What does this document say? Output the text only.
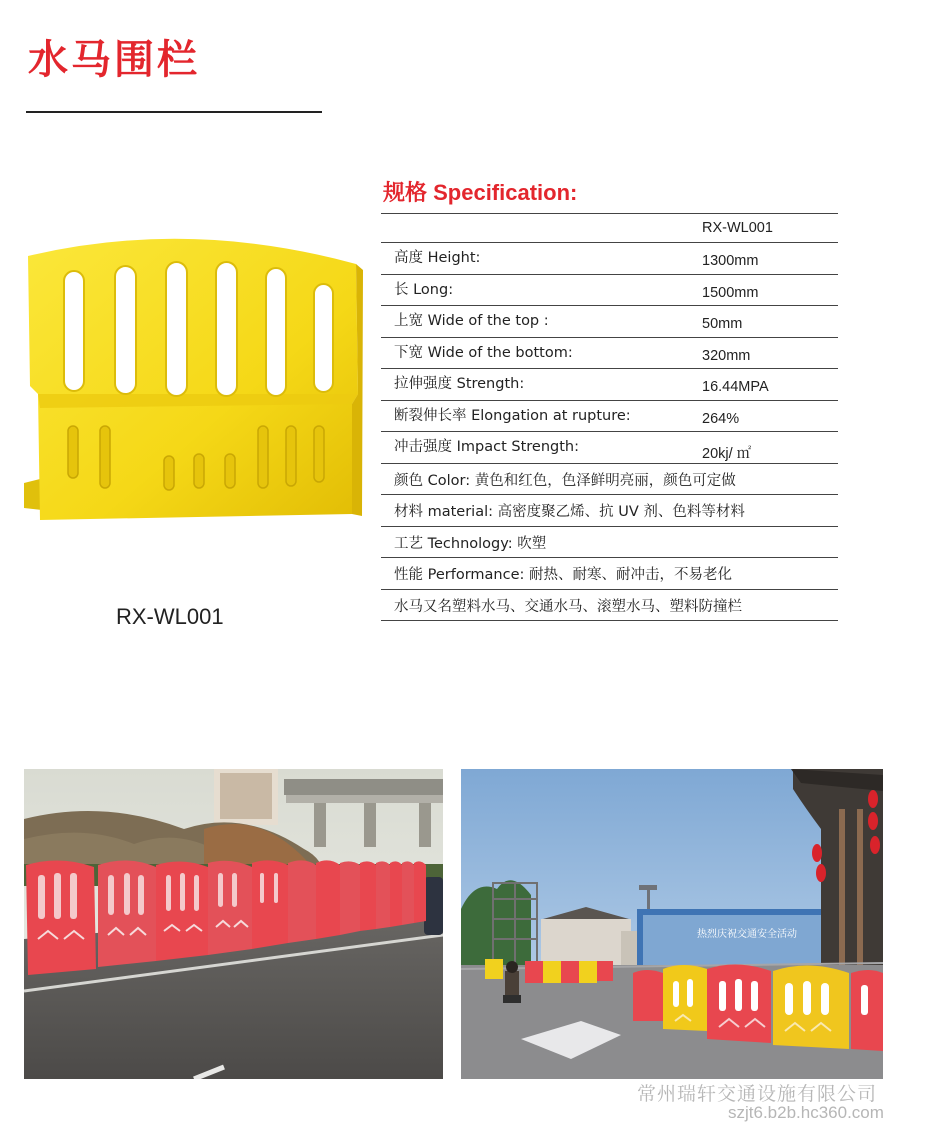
水马围栏
RX-WL001
规格 Specification:
RX-WL001
高度 Height:	1300mm
长 Long:	1500mm
上宽 Wide of the top :	50mm
下宽 Wide of the bottom:	320mm
拉伸强度 Strength:	16.44MPA
断裂伸长率 Elongation at rupture:	264%
冲击强度 Impact Strength:	20kj/ ㎡
颜色 Color: 黄色和红色，色泽鲜明亮丽，颜色可定做
材料 material: 高密度聚乙烯、抗 UV 剂、色料等材料
工艺 Technology: 吹塑
性能 Performance: 耐热、耐寒、耐冲击，不易老化
水马又名塑料水马、交通水马、滚塑水马、塑料防撞栏
热烈庆祝交通安全活动
常州瑞轩交通设施有限公司
szjt6.b2b.hc360.com
